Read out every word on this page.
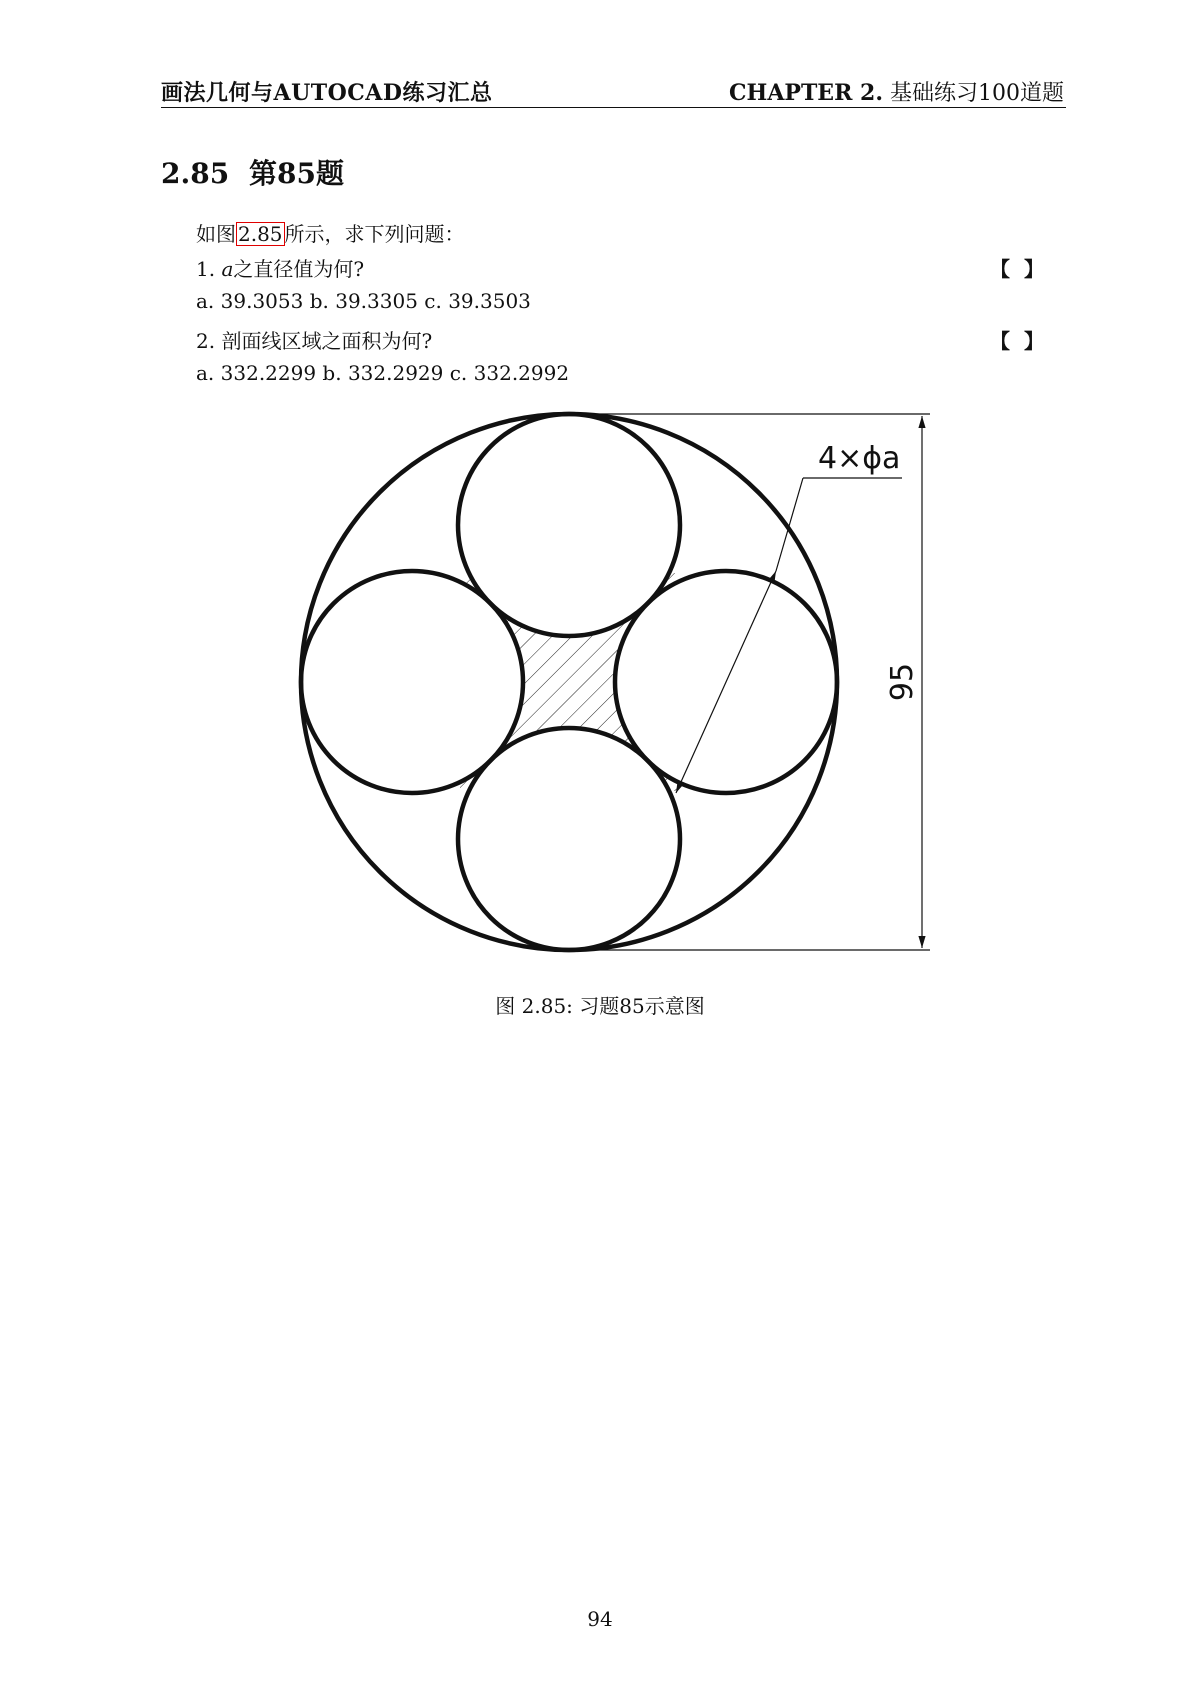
画法几何与AUTOCAD练习汇总	CHAPTER 2. 基础练习100道题
2.85 第85题
如图 2.85 所示，求下列问题：
1. a之直径值为何?	【】
a. 39.3053 b. 39.3305 c. 39.3503
2. 剖面线区域之面积为何?	【】
a. 332.2299 b. 332.2929 c. 332.2992
95
4×ϕa
图 2.85: 习题85示意图
94
